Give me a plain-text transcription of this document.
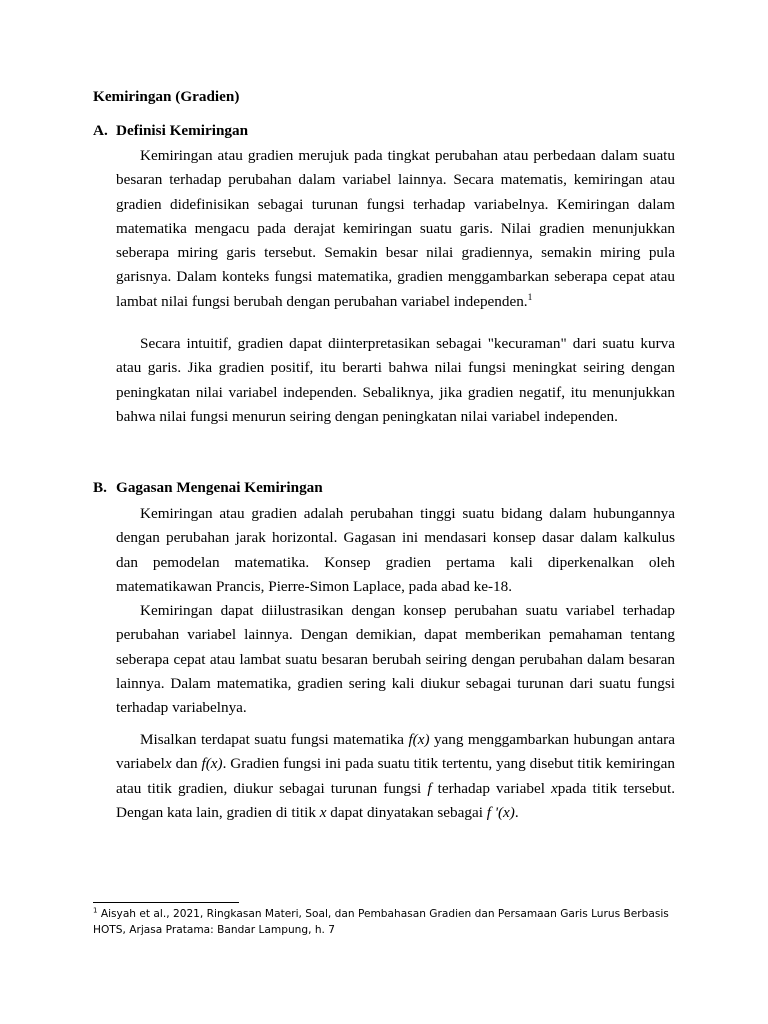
Kemiringan (Gradien)
A. Definisi Kemiringan

Kemiringan atau gradien merujuk pada tingkat perubahan atau perbedaan dalam suatu besaran terhadap perubahan dalam variabel lainnya. Secara matematis, kemiringan atau gradien didefinisikan sebagai turunan fungsi terhadap variabelnya. Kemiringan dalam matematika mengacu pada derajat kemiringan suatu garis. Nilai gradien menunjukkan seberapa miring garis tersebut. Semakin besar nilai gradiennya, semakin miring pula garisnya. Dalam konteks fungsi matematika, gradien menggambarkan seberapa cepat atau lambat nilai fungsi berubah dengan perubahan variabel independen.$^1$

Secara intuitif, gradien dapat diinterpretasikan sebagai "kecuraman" dari suatu kurva atau garis. Jika gradien positif, itu berarti bahwa nilai fungsi meningkat seiring dengan peningkatan nilai variabel independen. Sebaliknya, jika gradien negatif, itu menunjukkan bahwa nilai fungsi menurun seiring dengan peningkatan nilai variabel independen.

B. Gagasan Mengenai Kemiringan

Kemiringan atau gradien adalah perubahan tinggi suatu bidang dalam hubungannya dengan perubahan jarak horizontal. Gagasan ini mendasari konsep dasar dalam kalkulus dan pemodelan matematika. Konsep gradien pertama kali diperkenalkan oleh matematikawan Prancis, Pierre-Simon Laplace, pada abad ke-18.

Kemiringan dapat diilustrasikan dengan konsep perubahan suatu variabel terhadap perubahan variabel lainnya. Dengan demikian, dapat memberikan pemahaman tentang seberapa cepat atau lambat suatu besaran berubah seiring dengan perubahan dalam besaran lainnya. Dalam matematika, gradien sering kali diukur sebagai turunan dari suatu fungsi terhadap variabelnya.

Misalkan terdapat suatu fungsi matematika f(x) yang menggambarkan hubungan antara variabelx dan f(x). Gradien fungsi ini pada suatu titik tertentu, yang disebut titik kemiringan atau titik gradien, diukur sebagai turunan fungsi f terhadap variabel xpada titik tersebut. Dengan kata lain, gradien di titik x dapat dinyatakan sebagai f '(x).

$^1$ Aisyah et al., 2021, Ringkasan Materi, Soal, dan Pembahasan Gradien dan Persamaan Garis Lurus Berbasis HOTS, Arjasa Pratama: Bandar Lampung, h. 7
